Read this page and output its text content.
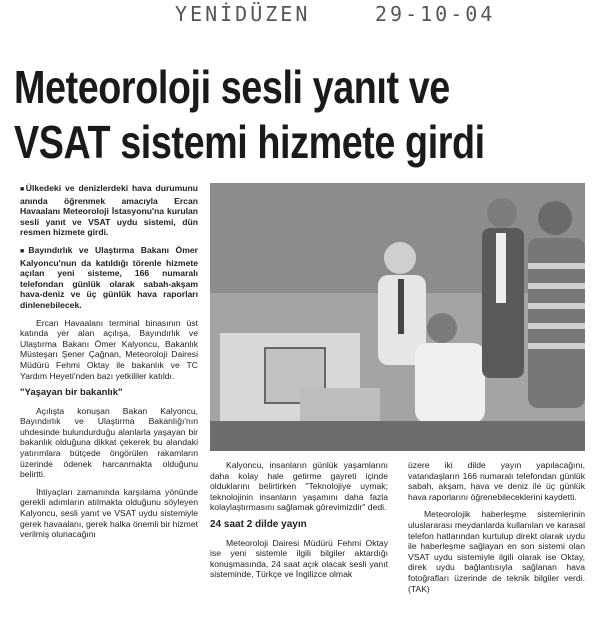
YENİDÜZEN	29-10-04
Meteoroloji sesli yanıt ve
VSAT sistemi hizmete girdi

■ Ülkedeki ve denizlerdeki hava durumunu anında öğrenmek amacıyla Ercan Havaalanı Meteoroloji İstasyonu'na kurulan sesli yanıt ve VSAT uydu sistemi, dün resmen hizmete girdi.

■ Bayındırlık ve Ulaştırma Bakanı Ömer Kalyoncu'nun da katıldığı törenle hizmete açılan yeni sisteme, 166 numaralı telefondan günlük olarak sabah-akşam hava-deniz ve üç günlük hava raporları dinlenebilecek.

Ercan Havaalanı terminal binasının üst katında yer alan açılışa, Bayındırlık ve Ulaştırma Bakanı Ömer Kalyoncu, Bakanlık Müsteşarı Şener Çağnan, Meteoroloji Dairesi Müdürü Fehmi Oktay ile bakanlık ve TC Yardım Heyeti'nden bazı yetkililer katıldı.

"Yaşayan bir bakanlık"

Açılışta konuşan Bakan Kalyoncu, Bayındırlık ve Ulaştırma Bakanlığı'nın uhdesinde bulundurduğu alanlarla yaşayan bir bakanlık olduğuna dikkat çekerek bu alandaki yatırımlara bütçede öngörülen rakamların üzerinde ödenek harcanmakta olduğunu belirtti.

İhtiyaçları zamanında karşılama yönünde gerekli adımların atılmakta olduğunu söyleyen Kalyoncu, sesli yanıt ve VSAT uydu sistemiyle gerek havaalanı, gerek halka önemli bir hizmet verilmiş olunacağını

Kalyoncu, insanların günlük yaşamlarını daha kolay hale getirme gayreti içinde olduklarını belirtirken "Teknolojiye uymak; teknolojinin insanların yaşamını daha fazla kolaylaştırmasını sağlamak görevimizdir" dedi.

24 saat 2 dilde yayın

Meteoroloji Dairesi Müdürü Fehmi Oktay ise yeni sistemle ilgili bilgiler aktardığı konuşmasında, 24 saat açık olacak sesli yanıt sisteminde, Türkçe ve İngilizce olmak

üzere iki dilde yayın yapılacağını, vatandaşların 166 numaralı telefondan günlük sabah, akşam, hava ve deniz ile üç günlük hava raporlarını öğrenebileceklerini kaydetti.

Meteorolojik haberleşme sistemlerinin uluslararası meydanlarda kullanılan ve karasal telefon hatlarından kurtulup direkt olarak uydu ile haberleşme sağlayan en son sistemi olan VSAT uydu sistemiyle ilgili olarak ise Oktay, direk uydu bağlantısıyla sağlanan hava fotoğrafları üzerinde de teknik bilgiler verdi. (TAK)
